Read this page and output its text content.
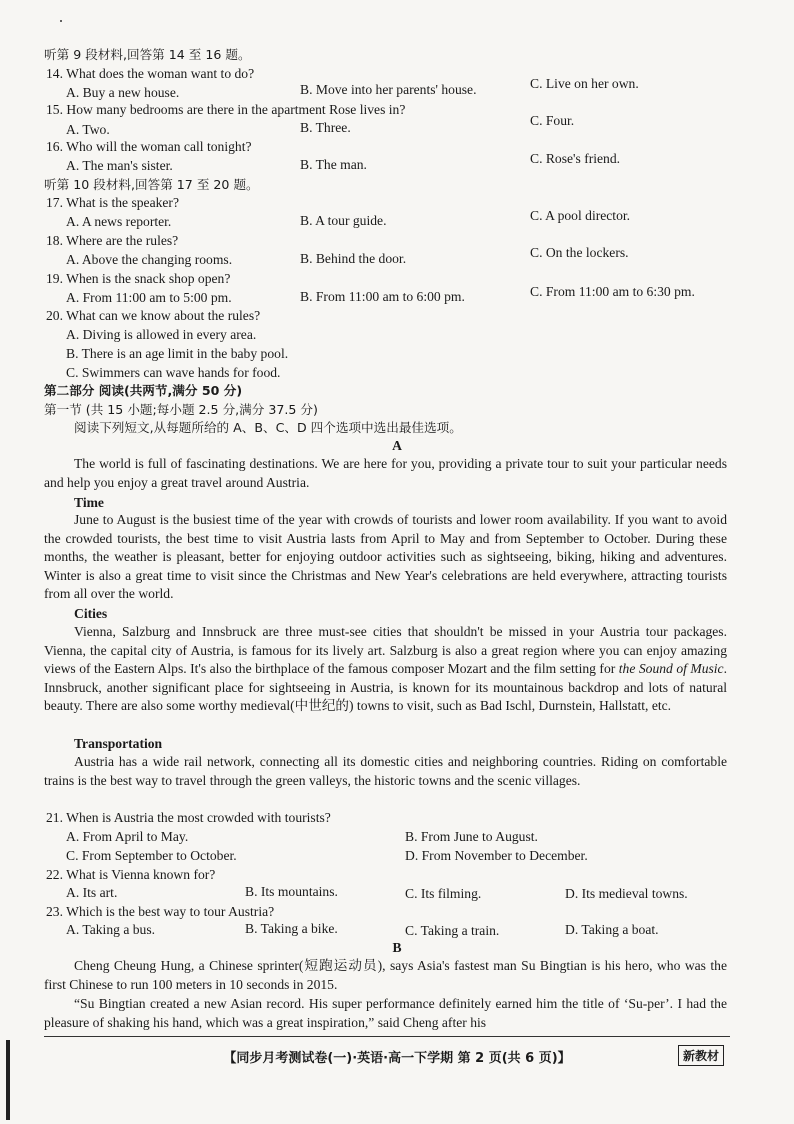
听第 9 段材料,回答第 14 至 16 题。
14. What does the woman want to do?
A. Buy a new house.	B. Move into her parents' house.	C. Live on her own.
15. How many bedrooms are there in the apartment Rose lives in?
A. Two.	B. Three.	C. Four.
16. Who will the woman call tonight?
A. The man's sister.	B. The man.	C. Rose's friend.
听第 10 段材料,回答第 17 至 20 题。
17. What is the speaker?
A. A news reporter.	B. A tour guide.	C. A pool director.
18. Where are the rules?
A. Above the changing rooms.	B. Behind the door.	C. On the lockers.
19. When is the snack shop open?
A. From 11:00 am to 5:00 pm.	B. From 11:00 am to 6:00 pm.	C. From 11:00 am to 6:30 pm.
20. What can we know about the rules?
A. Diving is allowed in every area.
B. There is an age limit in the baby pool.
C. Swimmers can wave hands for food.
第二部分 阅读(共两节,满分 50 分)
第一节 (共 15 小题;每小题 2.5 分,满分 37.5 分)
阅读下列短文,从每题所给的 A、B、C、D 四个选项中选出最佳选项。
A
The world is full of fascinating destinations. We are here for you, providing a private tour to suit your particular needs and help you enjoy a great travel around Austria.
Time
June to August is the busiest time of the year with crowds of tourists and lower room availability. If you want to avoid the crowded tourists, the best time to visit Austria lasts from April to May and from September to October. During these months, the weather is pleasant, better for enjoying outdoor activities such as sightseeing, biking, hiking and adventures. Winter is also a great time to visit since the Christmas and New Year's celebrations are held everywhere, attracting tourists from all over the world.
Cities
Vienna, Salzburg and Innsbruck are three must-see cities that shouldn't be missed in your Austria tour packages. Vienna, the capital city of Austria, is famous for its lively art. Salzburg is also a great region where you can enjoy amazing views of the Eastern Alps. It's also the birthplace of the famous composer Mozart and the film setting for the Sound of Music. Innsbruck, another significant place for sightseeing in Austria, is known for its mountainous backdrop and lots of natural beauty. There are also some worthy medieval(中世纪的) towns to visit, such as Bad Ischl, Durnstein, Hallstatt, etc.
Transportation
Austria has a wide rail network, connecting all its domestic cities and neighboring countries. Riding on comfortable trains is the best way to travel through the green valleys, the historic towns and the scenic villages.
21. When is Austria the most crowded with tourists?
A. From April to May.	B. From June to August.
C. From September to October.	D. From November to December.
22. What is Vienna known for?
A. Its art.	B. Its mountains.	C. Its filming.	D. Its medieval towns.
23. Which is the best way to tour Austria?
A. Taking a bus.	B. Taking a bike.	C. Taking a train.	D. Taking a boat.
B
Cheng Cheung Hung, a Chinese sprinter(短跑运动员), says Asia's fastest man Su Bingtian is his hero, who was the first Chinese to run 100 meters in 10 seconds in 2015.
“Su Bingtian created a new Asian record. His super performance definitely earned him the title of ‘Su-per’. I had the pleasure of shaking his hand, which was a great inspiration,” said Cheng after his
【同步月考测试卷(一)·英语·高一下学期 第 2 页(共 6 页)】	新教材
